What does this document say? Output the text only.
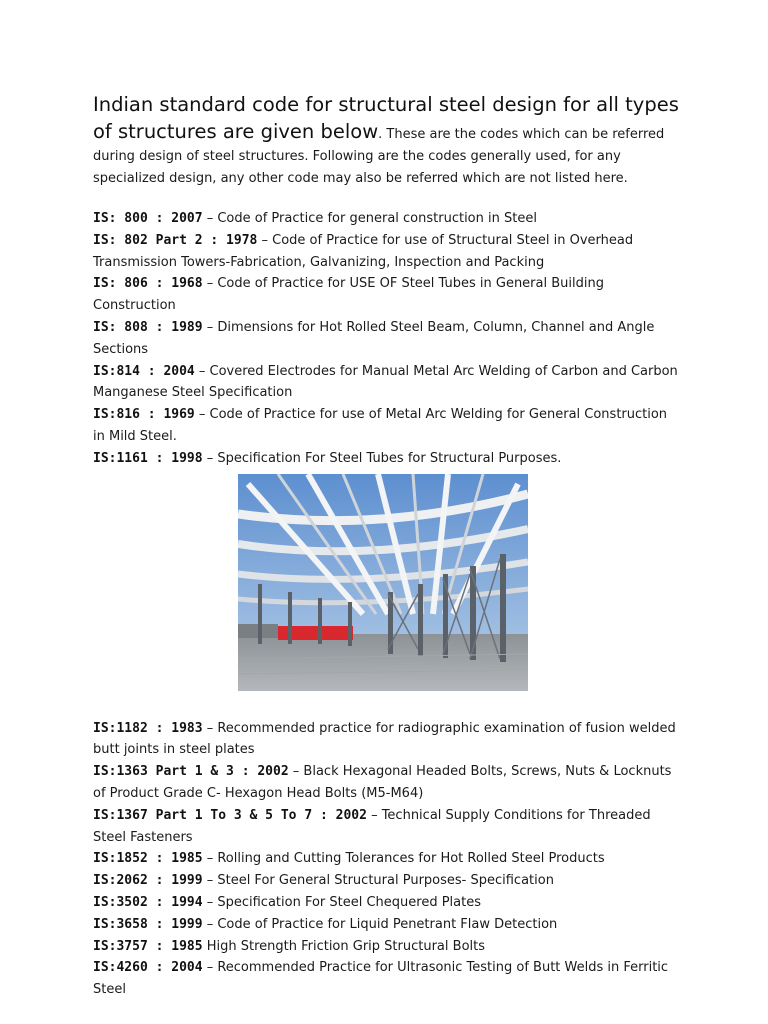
Indian standard code for structural steel design for all types of structures are given below. These are the codes which can be referred during design of steel structures. Following are the codes generally used, for any specialized design, any other code may also be referred which are not listed here.

IS: 800 : 2007 – Code of Practice for general construction in Steel

IS: 802 Part 2 : 1978 – Code of Practice for use of Structural Steel in Overhead Transmission Towers-Fabrication, Galvanizing, Inspection and Packing

IS: 806 : 1968 – Code of Practice for USE OF Steel Tubes in General Building Construction

IS: 808 : 1989 – Dimensions for Hot Rolled Steel Beam, Column, Channel and Angle Sections

IS:814 : 2004 – Covered Electrodes for Manual Metal Arc Welding of Carbon and Carbon Manganese Steel Specification

IS:816 : 1969 – Code of Practice for use of Metal Arc Welding for General Construction in Mild Steel.

IS:1161 : 1998 – Specification For Steel Tubes for Structural Purposes.

IS:1182 : 1983 – Recommended practice for radiographic examination of fusion welded butt joints in steel plates

IS:1363 Part 1 & 3 : 2002 – Black Hexagonal Headed Bolts, Screws, Nuts & Locknuts of Product Grade C- Hexagon Head Bolts (M5-M64)

IS:1367 Part 1 To 3 & 5 To 7 : 2002 – Technical Supply Conditions for Threaded Steel Fasteners

IS:1852 : 1985 – Rolling and Cutting Tolerances for Hot Rolled Steel Products

IS:2062 : 1999 – Steel For General Structural Purposes- Specification

IS:3502 : 1994 – Specification For Steel Chequered Plates

IS:3658 : 1999 – Code of Practice for Liquid Penetrant Flaw Detection

IS:3757 : 1985 High Strength Friction Grip Structural Bolts

IS:4260 : 2004 – Recommended Practice for Ultrasonic Testing of Butt Welds in Ferritic Steel
